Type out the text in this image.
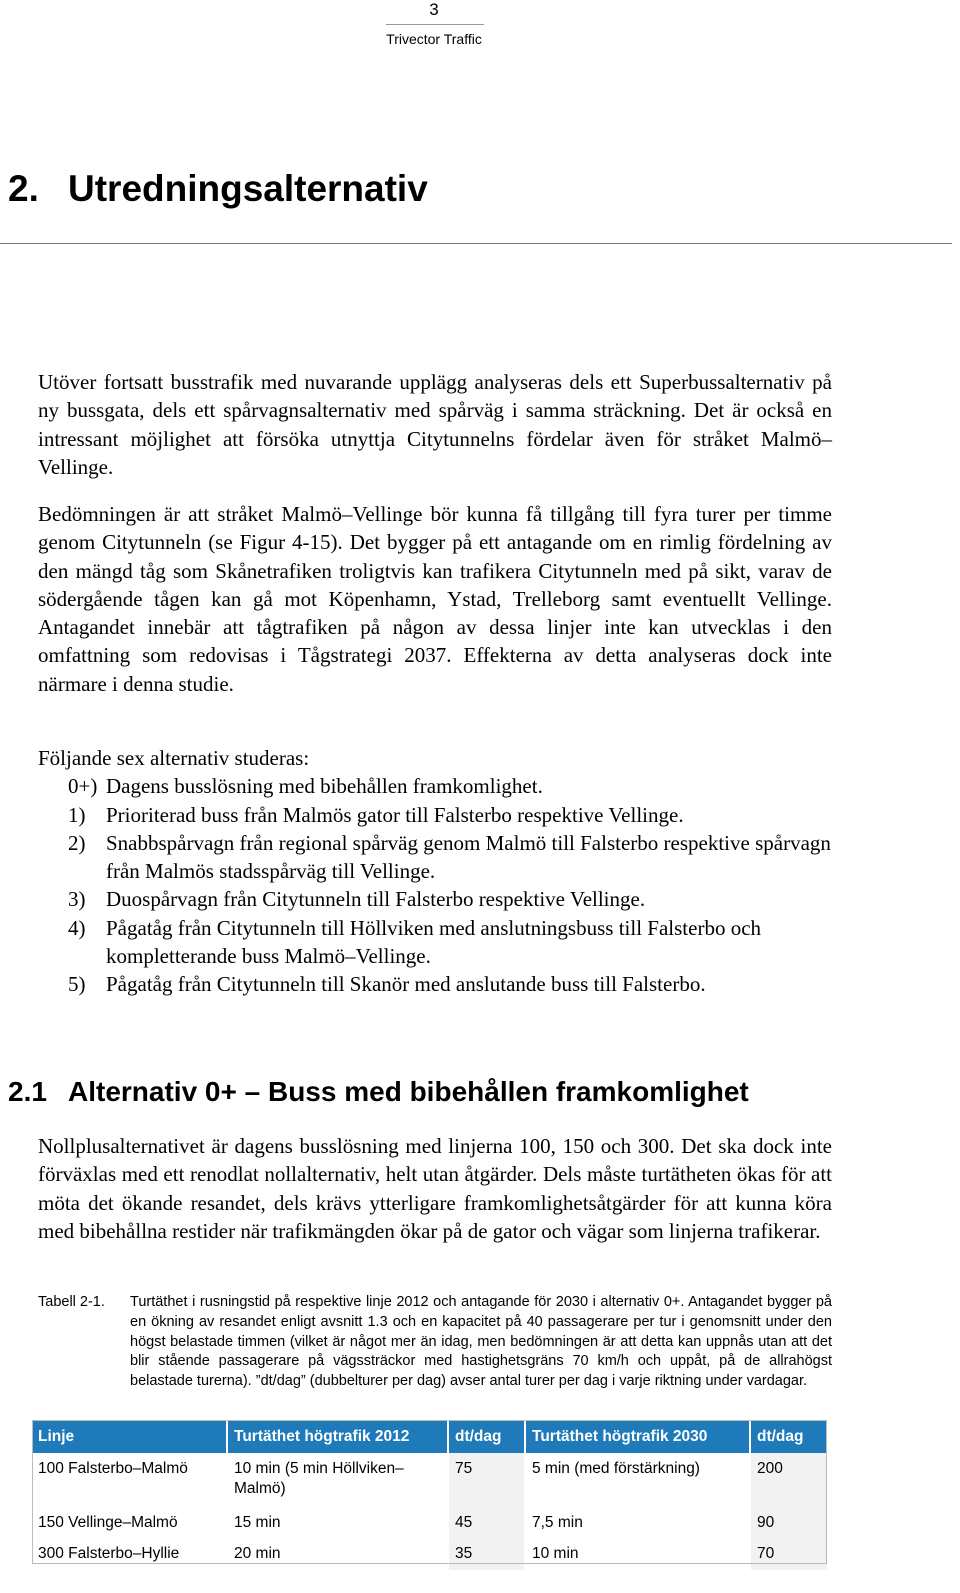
3
Trivector Traffic
2. Utredningsalternativ

Utöver fortsatt busstrafik med nuvarande upplägg analyseras dels ett Superbussalternativ på ny bussgata, dels ett spårvagnsalternativ med spårväg i samma sträckning. Det är också en intressant möjlighet att försöka utnyttja Citytunnelns fördelar även för stråket Malmö–Vellinge.

Bedömningen är att stråket Malmö–Vellinge bör kunna få tillgång till fyra turer per timme genom Citytunneln (se Figur 4-15). Det bygger på ett antagande om en rimlig fördelning av den mängd tåg som Skånetrafiken troligtvis kan trafikera Citytunneln med på sikt, varav de södergående tågen kan gå mot Köpenhamn, Ystad, Trelleborg samt eventuellt Vellinge. Antagandet innebär att tågtrafiken på någon av dessa linjer inte kan utvecklas i den omfattning som redovisas i Tågstrategi 2037. Effekterna av detta analyseras dock inte närmare i denna studie.

Följande sex alternativ studeras:

0+) Dagens busslösning med bibehållen framkomlighet.

1) Prioriterad buss från Malmös gator till Falsterbo respektive Vellinge.

2) Snabbspårvagn från regional spårväg genom Malmö till Falsterbo respektive spårvagn från Malmös stadsspårväg till Vellinge.

3) Duospårvagn från Citytunneln till Falsterbo respektive Vellinge.

4) Pågatåg från Citytunneln till Höllviken med anslutningsbuss till Falsterbo och kompletterande buss Malmö–Vellinge.

5) Pågatåg från Citytunneln till Skanör med anslutande buss till Falsterbo.

2.1 Alternativ 0+ – Buss med bibehållen framkomlighet

Nollplusalternativet är dagens busslösning med linjerna 100, 150 och 300. Det ska dock inte förväxlas med ett renodlat nollalternativ, helt utan åtgärder. Dels måste turtätheten ökas för att möta det ökande resandet, dels krävs ytterligare framkomlighetsåtgärder för att kunna köra med bibehållna restider när trafikmängden ökar på de gator och vägar som linjerna trafikerar.

Tabell 2-1. Turtäthet i rusningstid på respektive linje 2012 och antagande för 2030 i alternativ 0+. Antagandet bygger på en ökning av resandet enligt avsnitt 1.3 och en kapacitet på 40 passagerare per tur i genomsnitt under den högst belastade timmen (vilket är något mer än idag, men bedömningen är att detta kan uppnås utan att det blir stående passagerare på vägssträckor med hastighetsgräns 70 km/h och uppåt, på de allrahögst belastade turerna). ”dt/dag” (dubbelturer per dag) avser antal turer per dag i varje riktning under vardagar.
Linje	Turtäthet högtrafik 2012	dt/dag	Turtäthet högtrafik 2030	dt/dag
100 Falsterbo–Malmö	10 min (5 min Höllviken–Malmö)	75	5 min (med förstärkning)	200
150 Vellinge–Malmö	15 min	45	7,5 min	90
300 Falsterbo–Hyllie	20 min	35	10 min	70
